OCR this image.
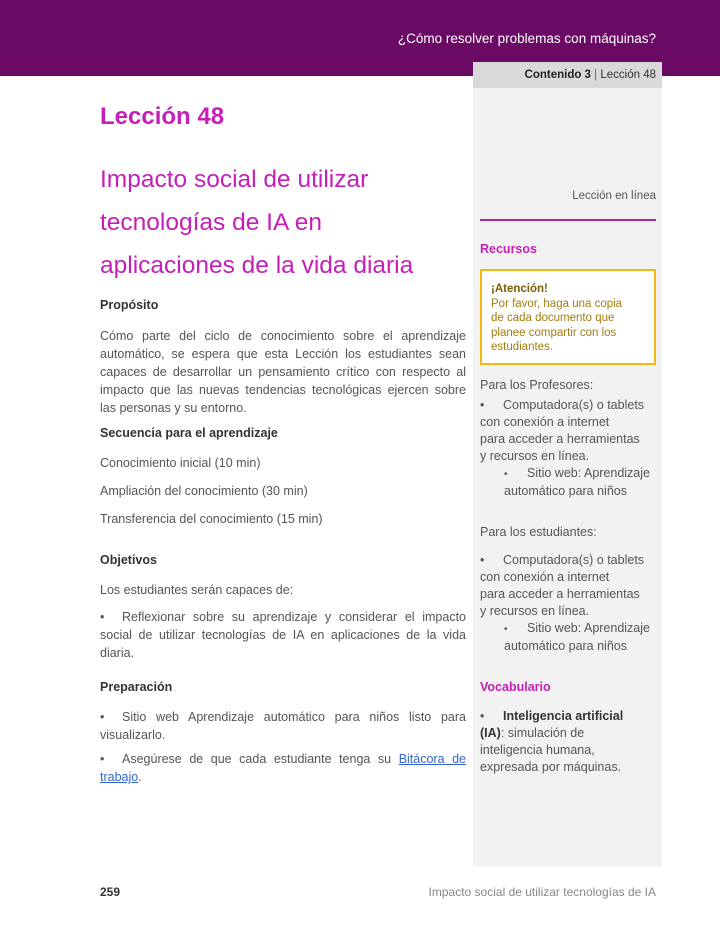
¿Cómo resolver problemas con máquinas?
Contenido 3 | Lección 48
Lección 48
Impacto social de utilizar
tecnologías de IA en
aplicaciones de la vida diaria
Propósito
Cómo parte del ciclo de conocimiento sobre el aprendizaje automático, se espera que esta Lección los estudiantes sean capaces de desarrollar un pensamiento crítico con respecto al impacto que las nuevas tendencias tecnológicas ejercen sobre las personas y su entorno.
Secuencia para el aprendizaje
Conocimiento inicial (10 min)
Ampliación del conocimiento (30 min)
Transferencia del conocimiento (15 min)
Objetivos
Los estudiantes serán capaces de:
• Reflexionar sobre su aprendizaje y considerar el impacto social de utilizar tecnologías de IA en aplicaciones de la vida diaria.
Preparación
• Sitio web Aprendizaje automático para niños listo para visualizarlo.
• Asegúrese de que cada estudiante tenga su Bitácora de trabajo.
Lección en línea
Recursos
¡Atención!
Por favor, haga una copia
de cada documento que
planee compartir con los
estudiantes.
Para los Profesores:
• Computadora(s) o tablets
con conexión a internet
para acceder a herramientas
y recursos en línea.
• Sitio web: Aprendizaje
automático para niños
Para los estudiantes:
• Computadora(s) o tablets
con conexión a internet
para acceder a herramientas
y recursos en línea.
• Sitio web: Aprendizaje
automático para niños
Vocabulario
• Inteligencia artificial
(IA): simulación de
inteligencia humana,
expresada por máquinas.
259	Impacto social de utilizar tecnologías de IA
